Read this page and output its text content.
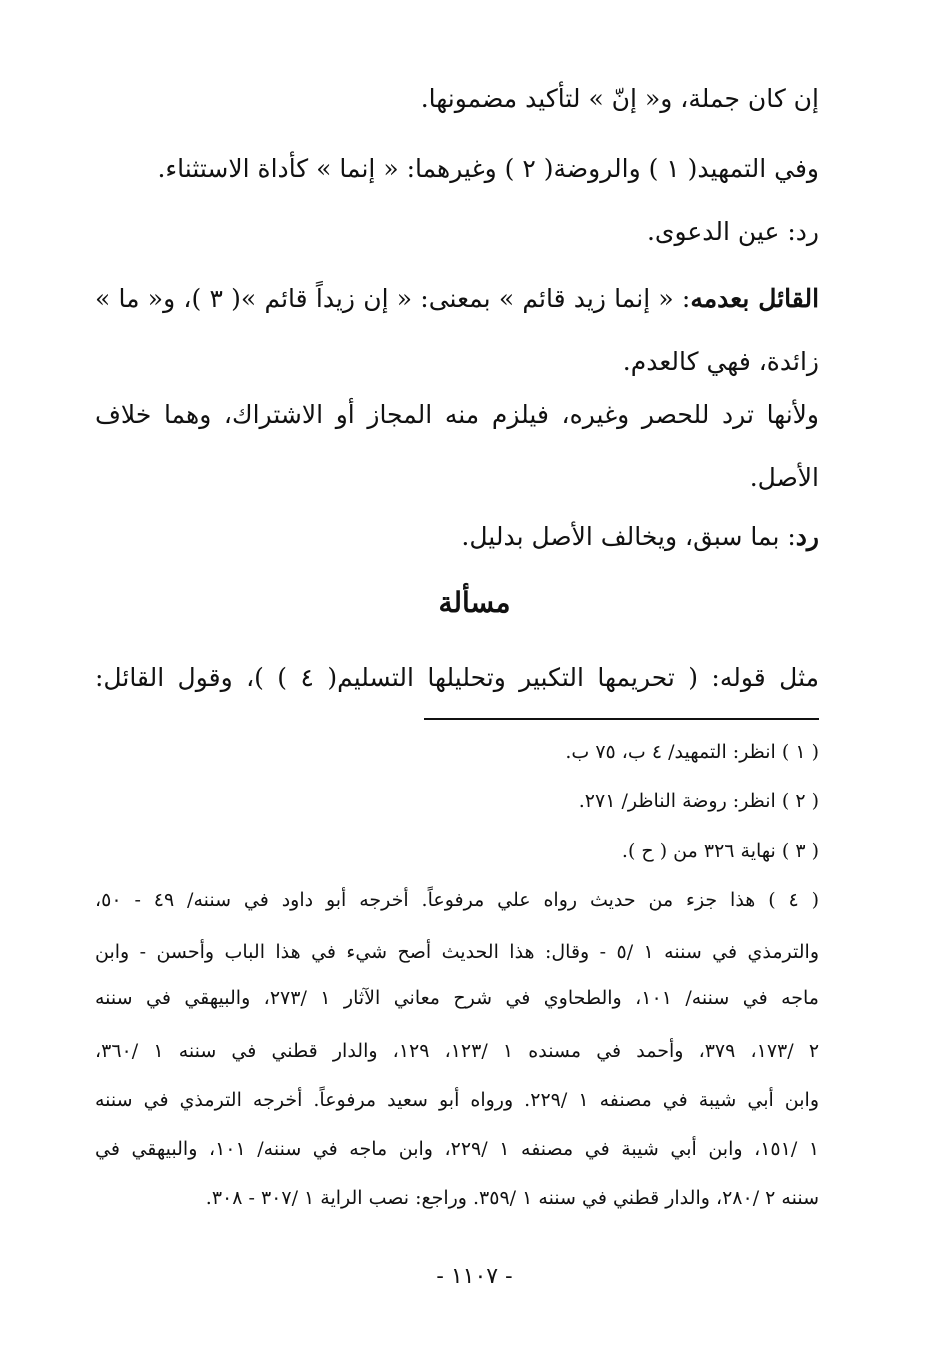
إن كان جملة، و« إنّ » لتأكيد مضمونها.
وفي التمهيد( ١ ) والروضة( ٢ ) وغيرهما: « إنما » كأداة الاستثناء.
رد: عين الدعوى.
القائل بعدمه: « إنما زيد قائم » بمعنى: « إن زيداً قائم »( ٣ )، و« ما »
زائدة، فهي كالعدم.
ولأنها ترد للحصر وغيره، فيلزم منه المجاز أو الاشتراك، وهما خلاف
الأصل.
رد: بما سبق، ويخالف الأصل بدليل.
مسألة
مثل قوله: ( تحريمها التكبير وتحليلها التسليم( ٤ ) )، وقول القائل:
( ١ ) انظر: التمهيد/ ٤ ب، ٧٥ ب.
( ٢ ) انظر: روضة الناظر/ ٢٧١.
( ٣ ) نهاية ٣٢٦ من ( ح ).
( ٤ ) هذا جزء من حديث رواه علي مرفوعاً. أخرجه أبو داود في سننه/ ٤٩ - ٥٠،
والترمذي في سننه ١ /٥ - وقال: هذا الحديث أصح شيء في هذا الباب وأحسن - وابن
ماجه في سننه/ ١٠١، والطحاوي في شرح معاني الآثار ١ /٢٧٣، والبيهقي في سننه
٢ /١٧٣، ٣٧٩، وأحمد في مسنده ١ /١٢٣، ١٢٩، والدار قطني في سننه ١ /٣٦٠،
وابن أبي شيبة في مصنفه ١ /٢٢٩. ورواه أبو سعيد مرفوعاً. أخرجه الترمذي في سننه
١ /١٥١، وابن أبي شيبة في مصنفه ١ /٢٢٩، وابن ماجه في سننه/ ١٠١، والبيهقي في
سننه ٢ /٢٨٠، والدار قطني في سننه ١ /٣٥٩. وراجع: نصب الراية ١ /٣٠٧ - ٣٠٨.
- ١١٠٧ -
